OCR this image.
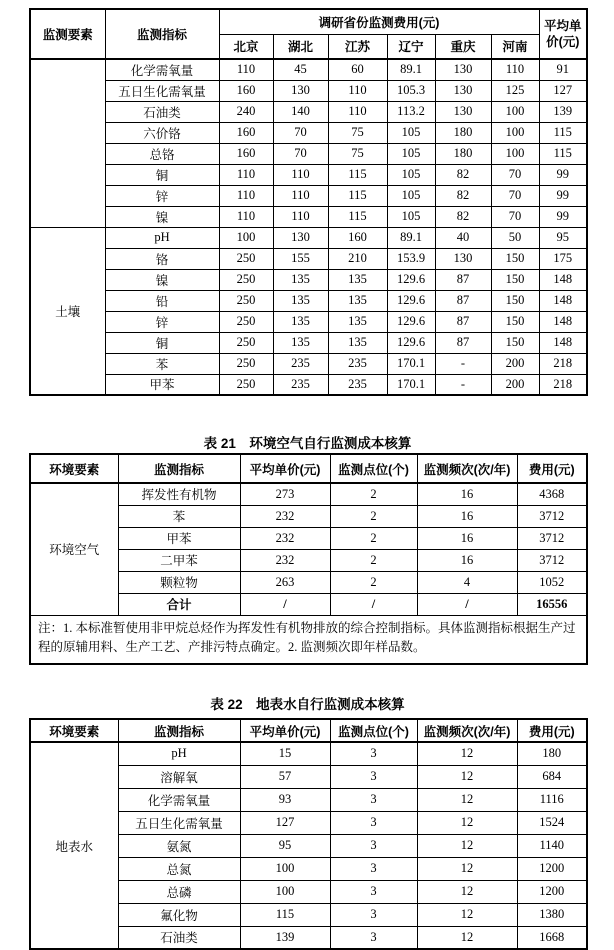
监测要素	监测指标	调研省份监测费用(元)						平均单
价(元)
		北京	湖北	江苏	辽宁	重庆	河南	
	化学需氧量	110	45	60	89.1	130	110	91
	五日生化需氧量	160	130	110	105.3	130	125	127
	石油类	240	140	110	113.2	130	100	139
	六价铬	160	70	75	105	180	100	115
	总铬	160	70	75	105	180	100	115
	铜	110	110	115	105	82	70	99
	锌	110	110	115	105	82	70	99
	镍	110	110	115	105	82	70	99
土壤	pH	100	130	160	89.1	40	50	95
	铬	250	155	210	153.9	130	150	175
	镍	250	135	135	129.6	87	150	148
	铅	250	135	135	129.6	87	150	148
	锌	250	135	135	129.6	87	150	148
	铜	250	135	135	129.6	87	150	148
	苯	250	235	235	170.1	-	200	218
	甲苯	250	235	235	170.1	-	200	218
表 21　环境空气自行监测成本核算
环境要素	监测指标	平均单价(元)	监测点位(个)	监测频次(次/年)	费用(元)
环境空气	挥发性有机物	273	2	16	4368
	苯	232	2	16	3712
	甲苯	232	2	16	3712
	二甲苯	232	2	16	3712
	颗粒物	263	2	4	1052
	合计	/	/	/	16556
注：1. 本标准暂使用非甲烷总烃作为挥发性有机物排放的综合控制指标。具体监测指标根据生产过程的原辅用料、生产工艺、产排污特点确定。2. 监测频次即年样品数。					
表 22　地表水自行监测成本核算
环境要素	监测指标	平均单价(元)	监测点位(个)	监测频次(次/年)	费用(元)
地表水	pH	15	3	12	180
	溶解氧	57	3	12	684
	化学需氧量	93	3	12	1116
	五日生化需氧量	127	3	12	1524
	氨氮	95	3	12	1140
	总氮	100	3	12	1200
	总磷	100	3	12	1200
	氟化物	115	3	12	1380
	石油类	139	3	12	1668
